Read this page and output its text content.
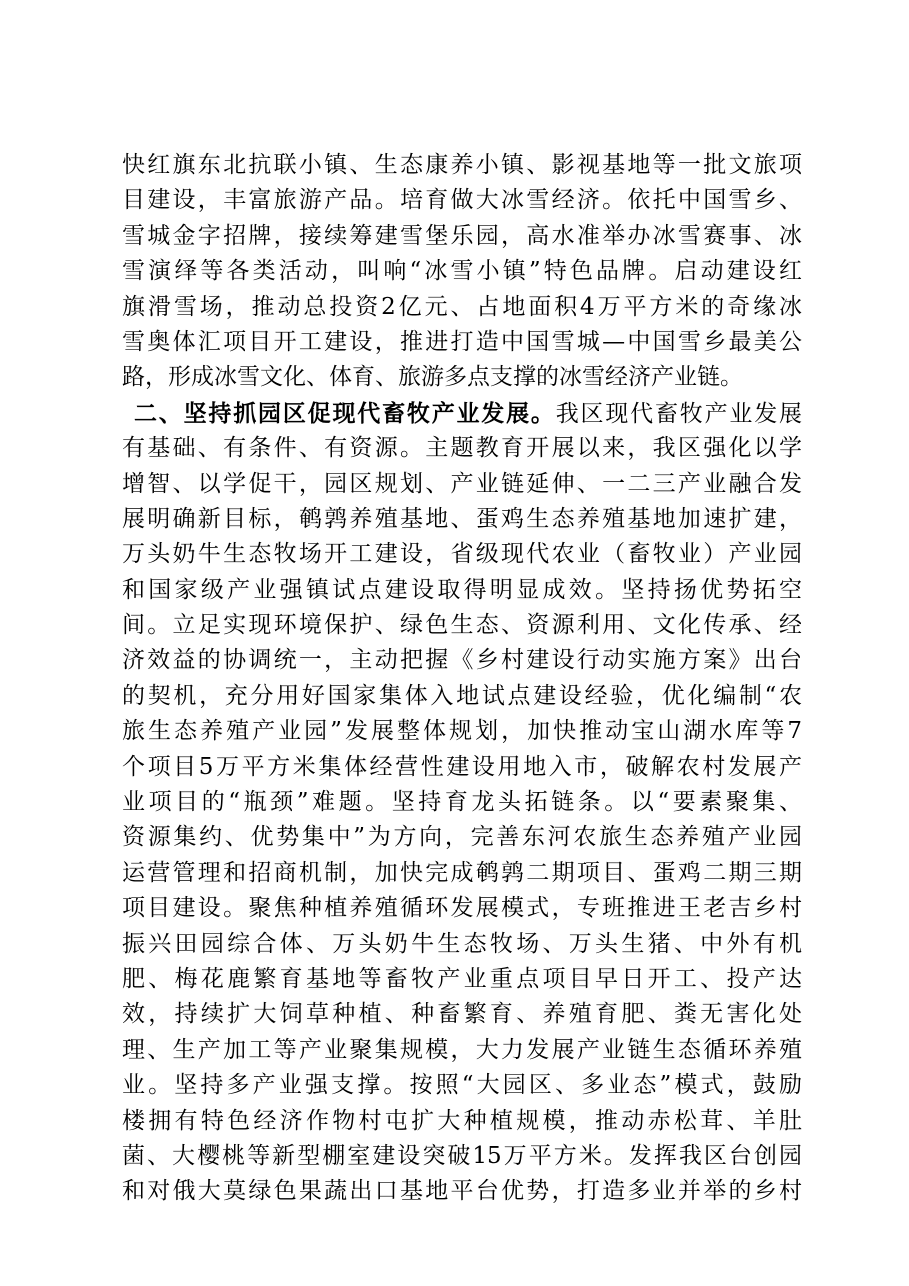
快红旗东北抗联小镇、生态康养小镇、影视基地等一批文旅项
目建设，丰富旅游产品。培育做大冰雪经济。依托中国雪乡、
雪城金字招牌，接续筹建雪堡乐园，高水准举办冰雪赛事、冰
雪演绎等各类活动，叫响“冰雪小镇”特色品牌。启动建设红
旗滑雪场，推动总投资2亿元、占地面积4万平方米的奇缘冰
雪奥体汇项目开工建设，推进打造中国雪城—中国雪乡最美公
路，形成冰雪文化、体育、旅游多点支撑的冰雪经济产业链。
二、坚持抓园区促现代畜牧产业发展。我区现代畜牧产业发展
有基础、有条件、有资源。主题教育开展以来，我区强化以学
增智、以学促干，园区规划、产业链延伸、一二三产业融合发
展明确新目标，鹌鹑养殖基地、蛋鸡生态养殖基地加速扩建，
万头奶牛生态牧场开工建设，省级现代农业（畜牧业）产业园
和国家级产业强镇试点建设取得明显成效。坚持扬优势拓空
间。立足实现环境保护、绿色生态、资源利用、文化传承、经
济效益的协调统一，主动把握《乡村建设行动实施方案》出台
的契机，充分用好国家集体入地试点建设经验，优化编制“农
旅生态养殖产业园”发展整体规划，加快推动宝山湖水库等7
个项目5万平方米集体经营性建设用地入市，破解农村发展产
业项目的“瓶颈”难题。坚持育龙头拓链条。以“要素聚集、
资源集约、优势集中”为方向，完善东河农旅生态养殖产业园
运营管理和招商机制，加快完成鹌鹑二期项目、蛋鸡二期三期
项目建设。聚焦种植养殖循环发展模式，专班推进王老吉乡村
振兴田园综合体、万头奶牛生态牧场、万头生猪、中外有机
肥、梅花鹿繁育基地等畜牧产业重点项目早日开工、投产达
效，持续扩大饲草种植、种畜繁育、养殖育肥、粪无害化处
理、生产加工等产业聚集规模，大力发展产业链生态循环养殖
业。坚持多产业强支撑。按照“大园区、多业态”模式，鼓励
楼拥有特色经济作物村屯扩大种植规模，推动赤松茸、羊肚
菌、大樱桃等新型棚室建设突破15万平方米。发挥我区台创园
和对俄大莫绿色果蔬出口基地平台优势，打造多业并举的乡村
